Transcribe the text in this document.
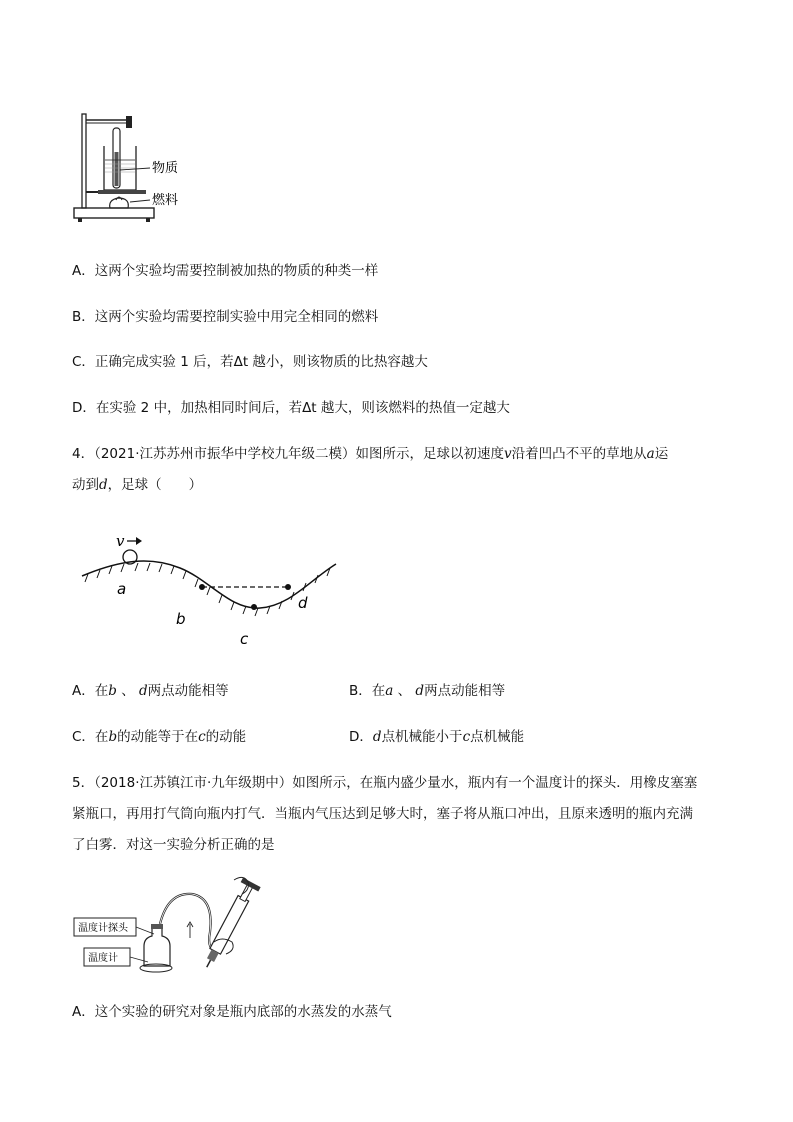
物质
燃料
A．这两个实验均需要控制被加热的物质的种类一样
B．这两个实验均需要控制实验中用完全相同的燃料
C．正确完成实验 1 后，若Δt 越小，则该物质的比热容越大
D．在实验 2 中，加热相同时间后，若Δt 越大，则该燃料的热值一定越大
4．（2021·江苏苏州市振华中学校九年级二模）如图所示，足球以初速度v沿着凹凸不平的草地从a运
动到d，足球（　　）
v
a
b
c
d
A．在b 、 d两点动能相等	B．在a 、 d两点动能相等
C．在b的动能等于在c的动能	D．d点机械能小于c点机械能
5．（2018·江苏镇江市·九年级期中）如图所示，在瓶内盛少量水，瓶内有一个温度计的探头．用橡皮塞塞
紧瓶口，再用打气筒向瓶内打气．当瓶内气压达到足够大时，塞子将从瓶口冲出，且原来透明的瓶内充满
了白雾．对这一实验分析正确的是
温度计探头
温度计
A．这个实验的研究对象是瓶内底部的水蒸发的水蒸气
